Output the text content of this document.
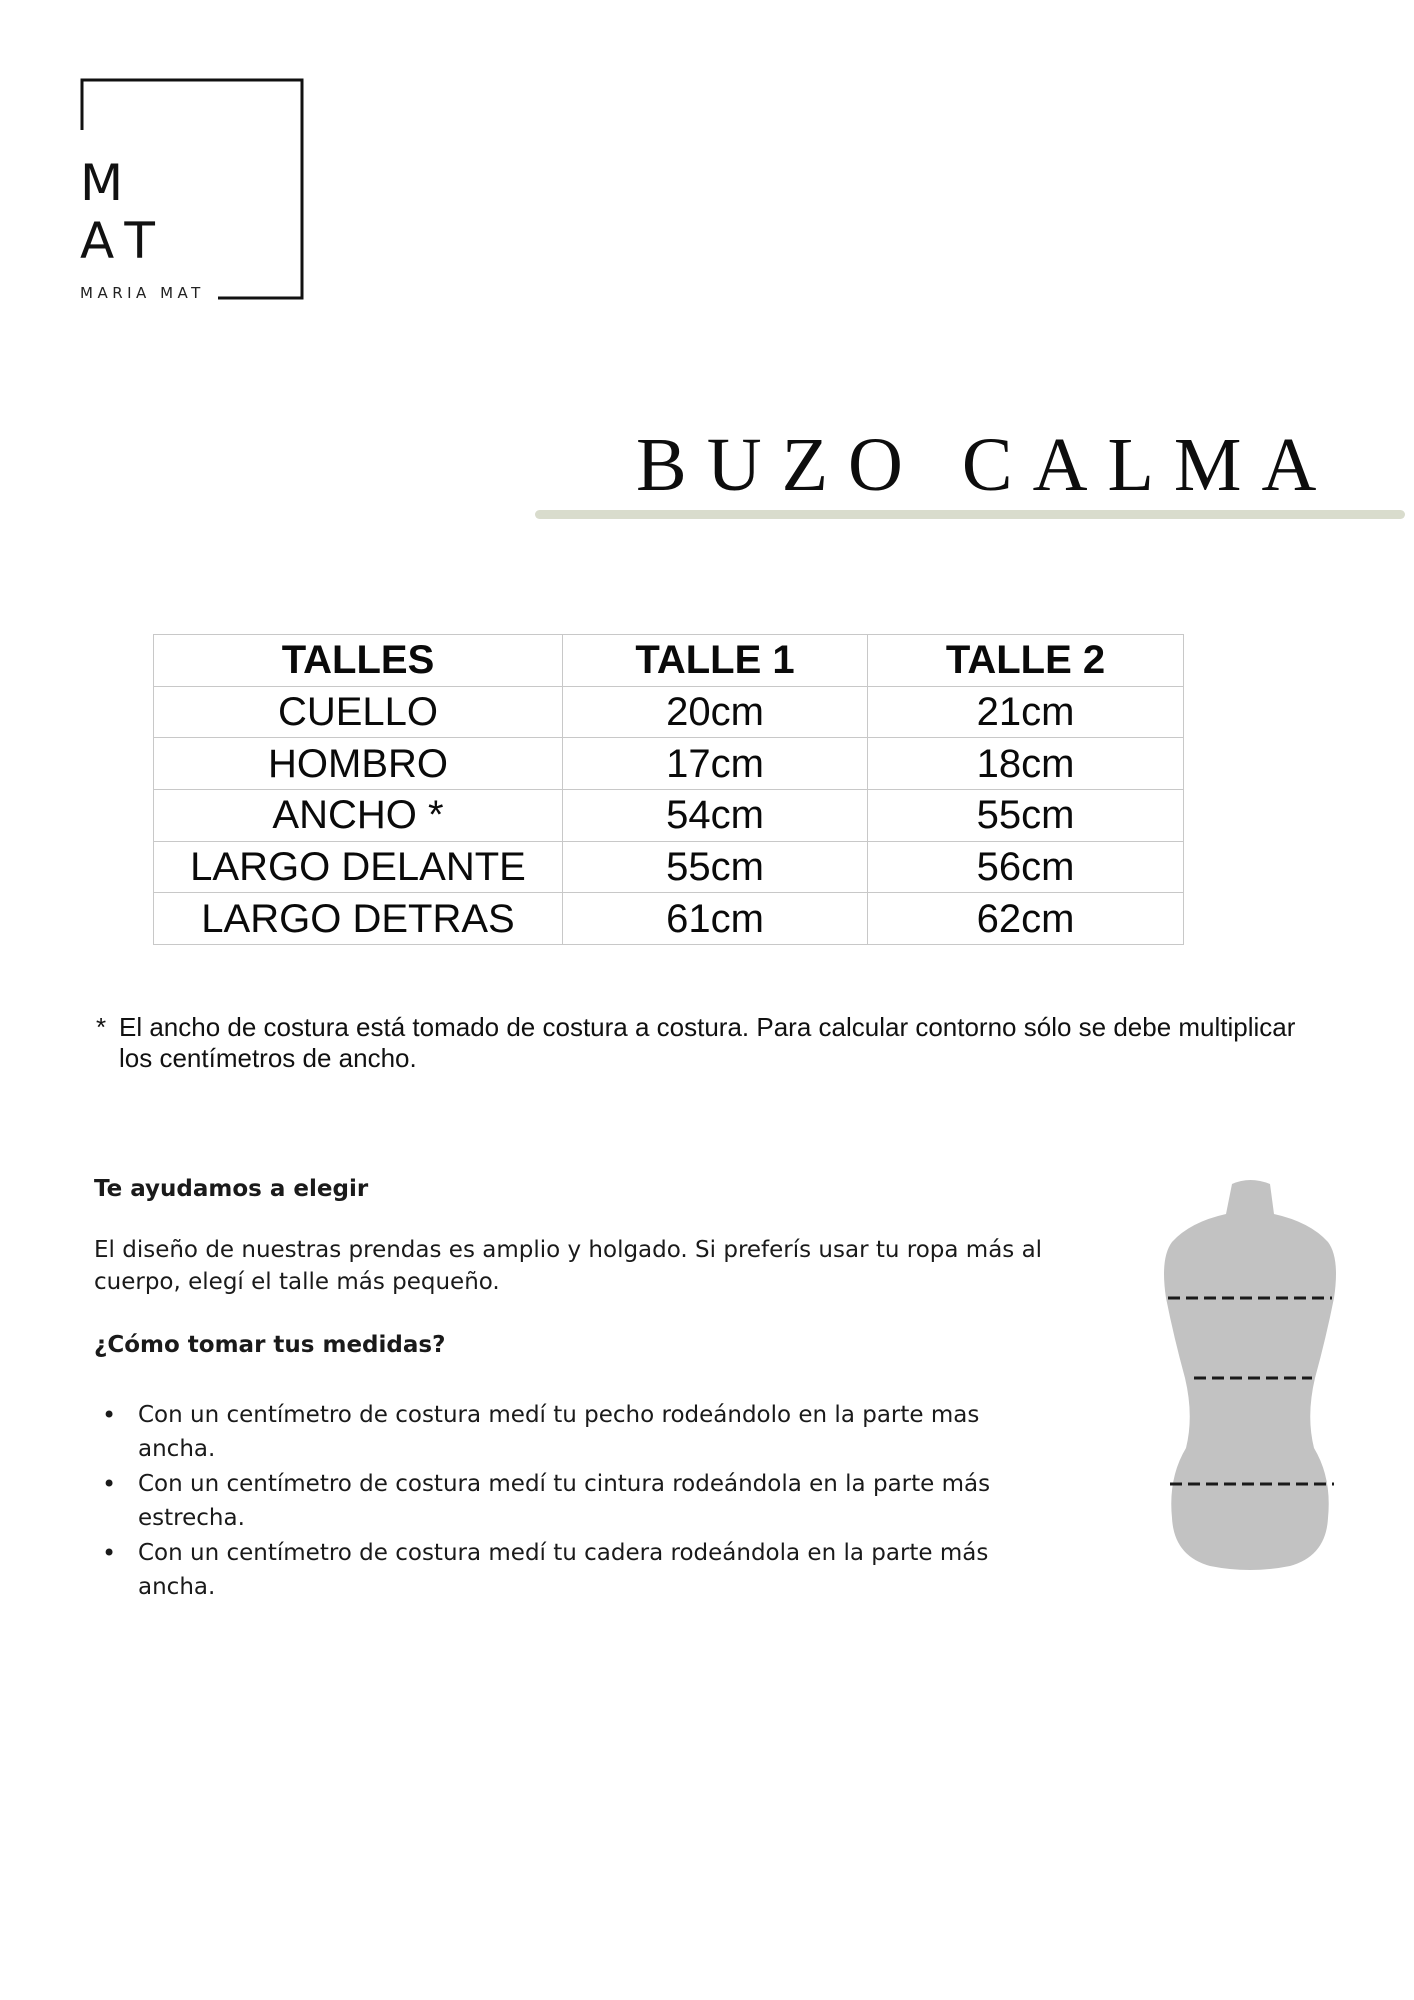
M
AT
MARIA MAT
BUZO CALMA
TALLES	TALLE 1	TALLE 2
CUELLO	20cm	21cm
HOMBRO	17cm	18cm
ANCHO *	54cm	55cm
LARGO DELANTE	55cm	56cm
LARGO DETRAS	61cm	62cm
* El ancho de costura está tomado de costura a costura. Para calcular contorno sólo se debe multiplicar los centímetros de ancho.
Te ayudamos a elegir
El diseño de nuestras prendas es amplio y holgado. Si preferís usar tu ropa más al cuerpo, elegí el talle más pequeño.
¿Cómo tomar tus medidas?
• Con un centímetro de costura medí tu pecho rodeándolo en la parte mas ancha.
• Con un centímetro de costura medí tu cintura rodeándola en la parte más estrecha.
• Con un centímetro de costura medí tu cadera rodeándola en la parte más ancha.
